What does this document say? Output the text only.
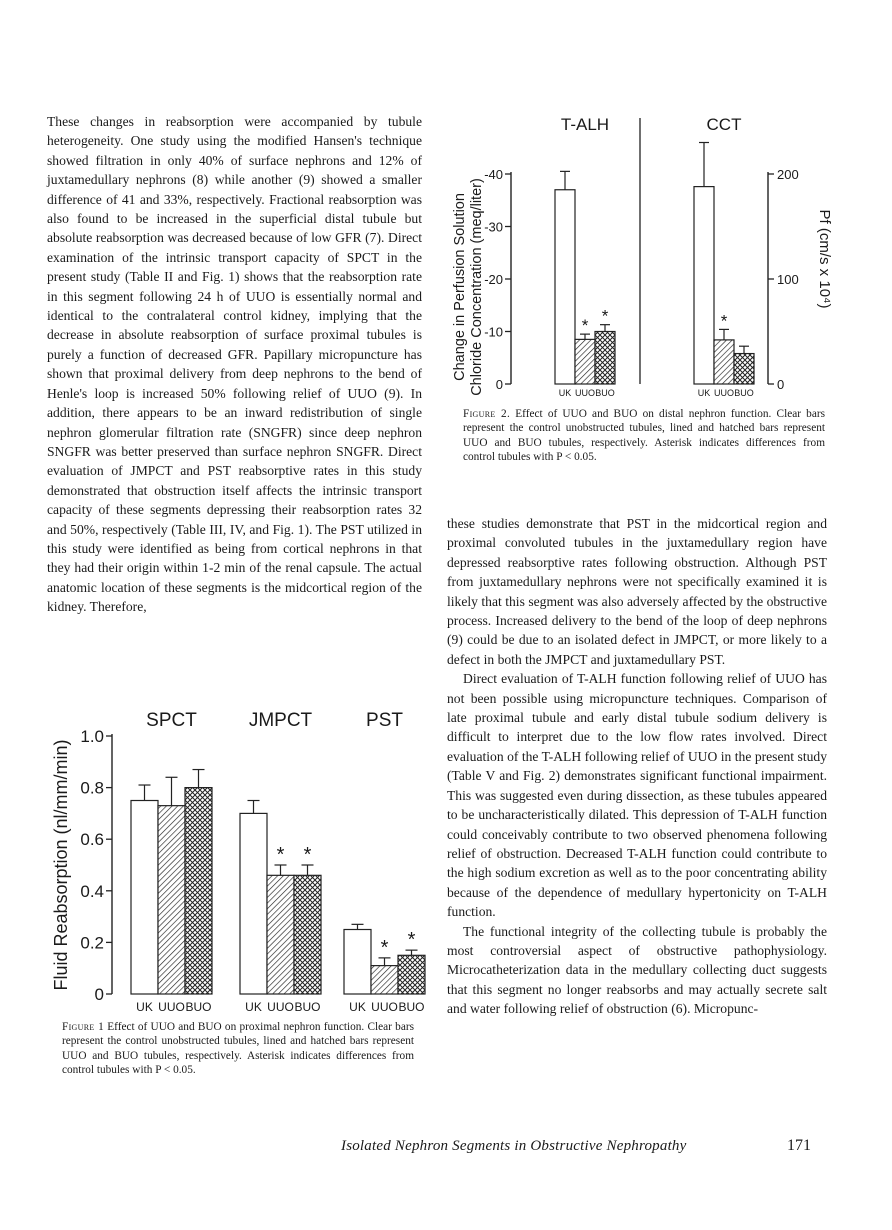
These changes in reabsorption were accompanied by tubule heterogeneity. One study using the modified Hansen's technique showed filtration in only 40% of surface nephrons and 12% of juxtamedullary nephrons (8) while another (9) showed a smaller difference of 41 and 33%, respectively. Fractional reabsorption was also found to be increased in the superficial distal tubule but absolute reabsorption was decreased because of low GFR (7). Direct examination of the intrinsic transport capacity of SPCT in the present study (Table II and Fig. 1) shows that the reabsorption rate in this segment following 24 h of UUO is essentially normal and identical to the contralateral control kidney, implying that the decrease in absolute reabsorption of surface proximal tubules is purely a function of decreased GFR. Papillary micropuncture has shown that proximal delivery from deep nephrons to the bend of Henle's loop is increased 50% following relief of UUO (9). In addition, there appears to be an inward redistribution of single nephron glomerular filtration rate (SNGFR) since deep nephron SNGFR was better preserved than surface nephron SNGFR. Direct evaluation of JMPCT and PST reabsorptive rates in this study demonstrated that obstruction itself affects the intrinsic transport capacity of these segments depressing their reabsorption rates 32 and 50%, respectively (Table III, IV, and Fig. 1). The PST utilized in this study were identified as being from cortical nephrons in that they had their origin within 1-2 min of the renal capsule. The actual anatomic location of these segments is the midcortical region of the kidney. Therefore,

these studies demonstrate that PST in the midcortical region and proximal convoluted tubules in the juxtamedullary region have depressed reabsorptive rates following obstruction. Although PST from juxtamedullary nephrons were not specifically examined it is likely that this segment was also adversely affected by the obstructive process. Increased delivery to the bend of the loop of deep nephrons (9) could be due to an isolated defect in JMPCT, or more likely to a defect in both the JMPCT and juxtamedullary PST.

Direct evaluation of T-ALH function following relief of UUO has not been possible using micropuncture techniques. Comparison of late proximal tubule and early distal tubule sodium delivery is difficult to interpret due to the low flow rates involved. Direct evaluation of the T-ALH following relief of UUO in the present study (Table V and Fig. 2) demonstrates significant functional impairment. This was suggested even during dissection, as these tubules appeared to be uncharacteristically dilated. This depression of T-ALH function could conceivably contribute to two observed phenomena following relief of obstruction. Decreased T-ALH function could contribute to the high sodium excretion as well as to the poor concentrating ability because of the dependence of medullary hypertonicity on T-ALH function.

The functional integrity of the collecting tubule is probably the most controversial aspect of obstructive pathophysiology. Microcatheterization data in the medullary collecting duct suggests that this segment no longer reabsorbs and may actually secrete salt and water following relief of obstruction (6). Micropunc-

0
0.2
0.4
0.6
0.8
1.0
Fluid Reabsorption (nl/mm/min)
SPCT
UK UUO BUO
JMPCT
UK
*
UUO
*
BUO
PST
UK
*
UUO
*
BUO

Figure 1 Effect of UUO and BUO on proximal nephron function. Clear bars represent the control unobstructed tubules, lined and hatched bars represent UUO and BUO tubules, respectively. Asterisk indicates differences from control tubules with P < 0.05.

0
-10
-20
-30
-40
0
100
200
Change in Perfusion Solution Chloride Concentration (meq/liter)	Pf (cm/s x 10⁴)
T-ALH
UK
*
UUO
*
BUO
CCT
UK
*
UUO BUO

Figure 2. Effect of UUO and BUO on distal nephron function. Clear bars represent the control unobstructed tubules, lined and hatched bars represent UUO and BUO tubules, respectively. Asterisk indicates differences from control tubules with P < 0.05.

Isolated Nephron Segments in Obstructive Nephropathy	171
